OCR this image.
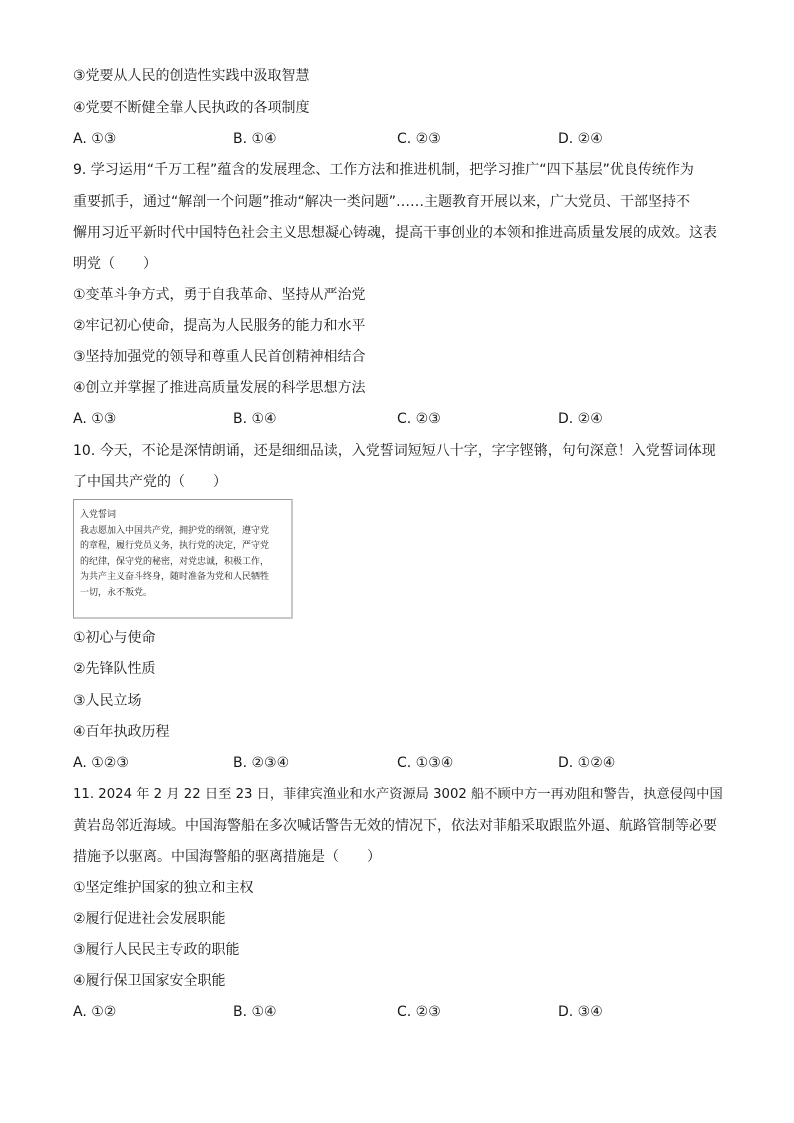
③党要从人民的创造性实践中汲取智慧
④党要不断健全靠人民执政的各项制度
A. ①③	B. ①④	C. ②③	D. ②④
9. 学习运用“千万工程”蕴含的发展理念、工作方法和推进机制，把学习推广“四下基层”优良传统作为
重要抓手，通过“解剖一个问题”推动“解决一类问题”……主题教育开展以来，广大党员、干部坚持不
懈用习近平新时代中国特色社会主义思想凝心铸魂，提高干事创业的本领和推进高质量发展的成效。这表
明党（　　）
①变革斗争方式，勇于自我革命、坚持从严治党
②牢记初心使命，提高为人民服务的能力和水平
③坚持加强党的领导和尊重人民首创精神相结合
④创立并掌握了推进高质量发展的科学思想方法
A. ①③	B. ①④	C. ②③	D. ②④
10. 今天，不论是深情朗诵，还是细细品读，入党誓词短短八十字，字字铿锵，句句深意！入党誓词体现
了中国共产党的（　　）
入党誓词
我志愿加入中国共产党，拥护党的纲领，遵守党
的章程，履行党员义务，执行党的决定，严守党
的纪律，保守党的秘密，对党忠诚，积极工作，
为共产主义奋斗终身，随时准备为党和人民牺牲
一切，永不叛党。
①初心与使命
②先锋队性质
③人民立场
④百年执政历程
A. ①②③	B. ②③④	C. ①③④	D. ①②④
11. 2024 年 2 月 22 日至 23 日，菲律宾渔业和水产资源局 3002 船不顾中方一再劝阻和警告，执意侵闯中国
黄岩岛邻近海域。中国海警船在多次喊话警告无效的情况下，依法对菲船采取跟监外逼、航路管制等必要
措施予以驱离。中国海警船的驱离措施是（　　）
①坚定维护国家的独立和主权
②履行促进社会发展职能
③履行人民民主专政的职能
④履行保卫国家安全职能
A. ①②	B. ①④	C. ②③	D. ③④
